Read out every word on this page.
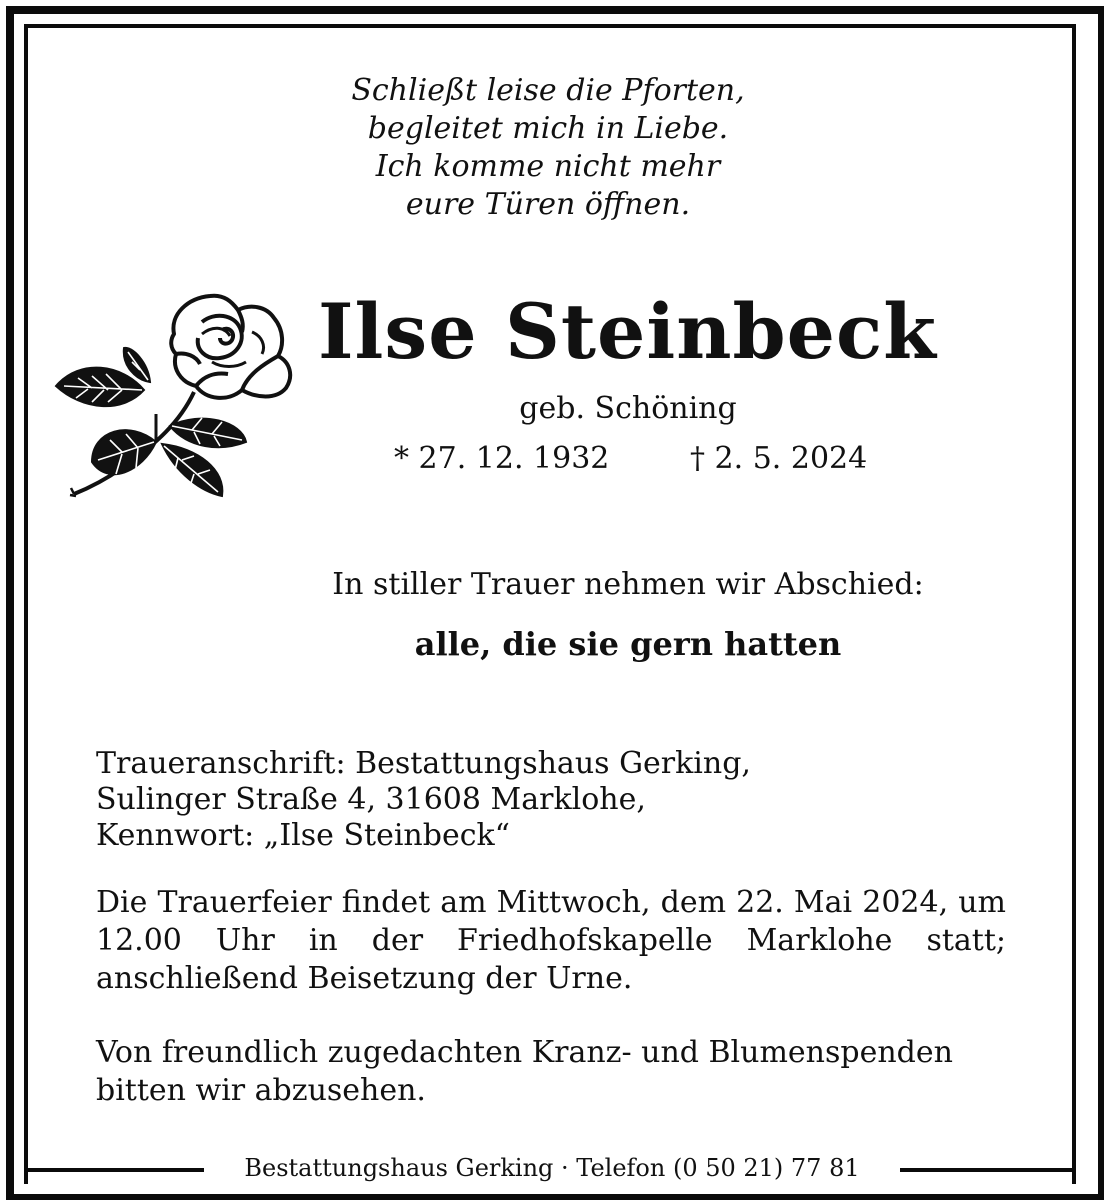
Schließt leise die Pforten,
begleitet mich in Liebe.
Ich komme nicht mehr
eure Türen öffnen.
Ilse Steinbeck
geb. Schöning
* 27. 12. 1932	† 2. 5. 2024
In stiller Trauer nehmen wir Abschied:
alle, die sie gern hatten
Traueranschrift: Bestattungshaus Gerking,
Sulinger Straße 4, 31608 Marklohe,
Kennwort: „Ilse Steinbeck“
Die Trauerfeier findet am Mittwoch, dem 22. Mai 2024, um 12.00 Uhr in der Friedhofskapelle Marklohe statt; anschließend Beisetzung der Urne.
Von freundlich zugedachten Kranz- und Blumenspenden bitten wir abzusehen.
Bestattungshaus Gerking · Telefon (0 50 21) 77 81
